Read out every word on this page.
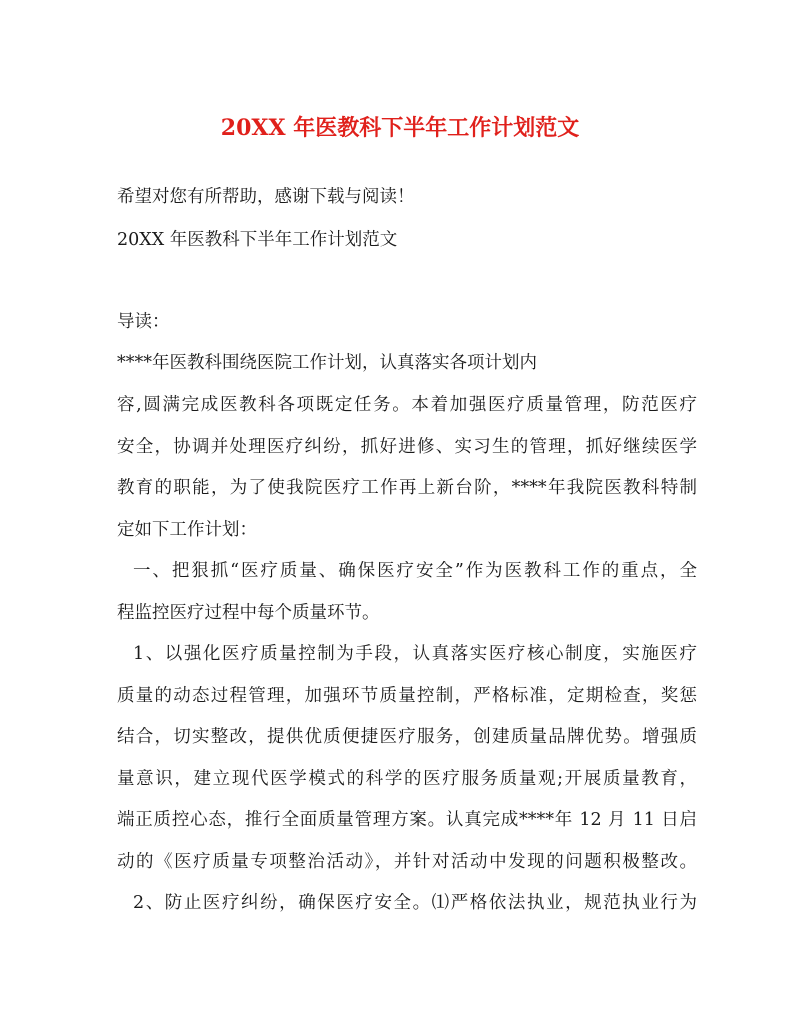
20XX 年医教科下半年工作计划范文
希望对您有所帮助，感谢下载与阅读！
20XX 年医教科下半年工作计划范文
导读：
****年医教科围绕医院工作计划，认真落实各项计划内
容,圆满完成医教科各项既定任务。本着加强医疗质量管理，防范医疗
安全，协调并处理医疗纠纷，抓好进修、实习生的管理，抓好继续医学
教育的职能，为了使我院医疗工作再上新台阶，****年我院医教科特制
定如下工作计划：
一、把狠抓“医疗质量、确保医疗安全”作为医教科工作的重点，全
程监控医疗过程中每个质量环节。
1、以强化医疗质量控制为手段，认真落实医疗核心制度，实施医疗
质量的动态过程管理，加强环节质量控制，严格标准，定期检查，奖惩
结合，切实整改，提供优质便捷医疗服务，创建质量品牌优势。增强质
量意识，建立现代医学模式的科学的医疗服务质量观;开展质量教育，
端正质控心态，推行全面质量管理方案。认真完成****年 12 月 11 日启
动的《医疗质量专项整治活动》，并针对活动中发现的问题积极整改。
2、防止医疗纠纷，确保医疗安全。⑴严格依法执业，规范执业行为
